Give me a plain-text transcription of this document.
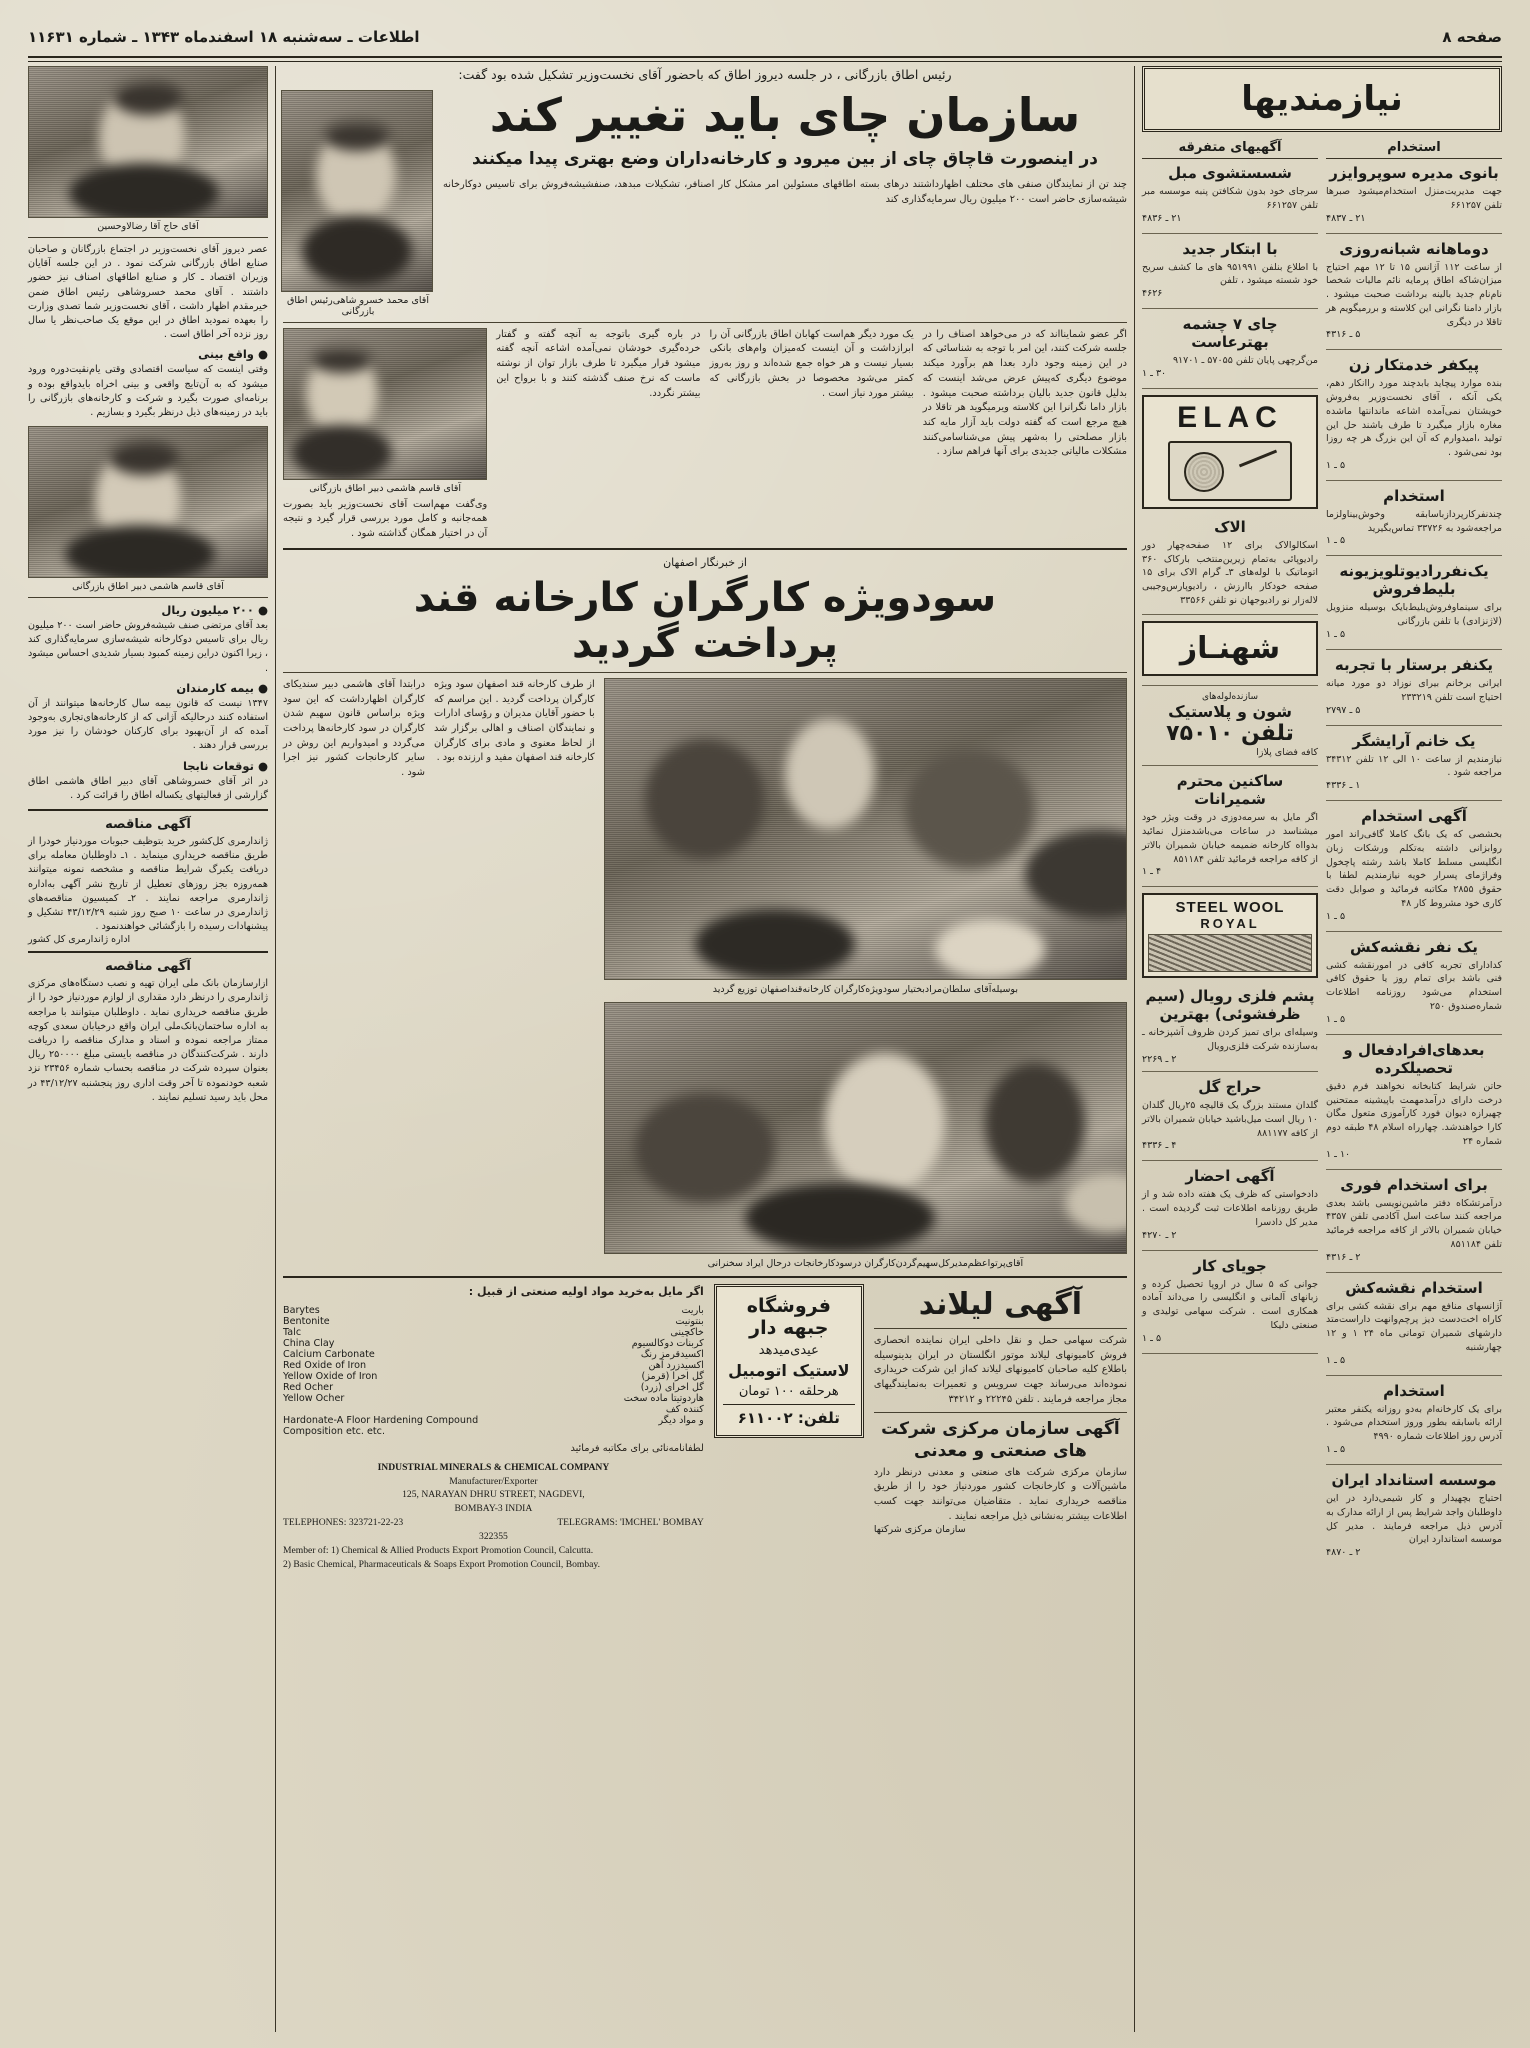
صفحه ۸
اطلاعات ـ سه‌شنبه ۱۸ اسفندماه ۱۳۴۳ ـ شماره ۱۱۶۳۱
نیازمندیها
استخدام
بانوی مدیره سوپروایزر
جهت مدیریت‌منزل استخدام‌میشود صبرها تلفن ۶۶۱۲۵۷
۲۱ ـ ۴۸۳۷
دوماهانه شبانه‌روزی
از ساعت ۱۱۲ آژانس ۱۵ تا ۱۲ مهم احتیاج میزان‌شاکه اطاق پرمایه نائم مالیات شخصا نام‌نام جدید بالینه برداشت صحبت میشود . بازار دامنا نگرانی این کلاسته و بررمیگویم هر تاقلا در دیگری
۵ ـ ۴۳۱۶
پیکفر خدمتکار زن
بنده موارد پیچاید بابدچند مورد راانکار دهم، یکی آنکه ، آقای نخست‌وزیر به‌فروش خویشتان نمی‌آمده اشاعه ماندانتها ماشده مغاره بازار میگیرد تا طرف باشند حل این تولید ،امیدوارم که آن این بزرگ هر چه روزا بود نمی‌شود .
۵ ـ ۱
استخدام
چندنفرکارپردازباسابقه وخوش‌بیناولزما مراجعه‌شود به ۳۳۷۲۶ تماس‌بگیرید
۵ ـ ۱
یک‌نفررادیوتلویزیونه بلیط‌فروش
برای سینماوفروش‌بلیط‌بایک بوسیله منزویل (لاژنزادی) با تلفن بازرگانی
۵ ـ ۱
یکنفر برستار با تجربه
ایرانی برخانم بیرای نوزاد دو مورد میانه احتیاج است تلفن ۲۳۳۲۱۹
۵ ـ ۲۷۹۷
یک خانم آرایشگر
نیازمندیم از ساعت ۱۰ الی ۱۲ تلفن ۳۴۳۱۲ مراجعه شود .
۱ ـ ۴۳۳۶
آگهی استخدام
بخشصی که یک بانگ کاملا گافی‌راند امور روابزانی داشته به‌تکلم ورشکات زبان انگلیسی مسلط کاملا باشد رشته پاچخول وفراژمای پسرار خویه نیازمندیم لطفا با حقوق ۲۸۵۵ مکاتبه فرمائید و صوابل دقت کاری خود مشروط کار ۴۸
۵ ـ ۱
یک نفر نقشه‌کش
کدادارای تجربه کافی در امورنقشه کشی فنی باشد برای تمام روز یا حقوق کافی استخدام می‌شود روزنامه اطلاعات شماره‌صندوق ۲۵۰
۵ ـ ۱
بعدهای‌افرادفعال و تحصیلکرده
حاتن شرایط کتابخانه نخواهند فرم دقیق درخت دارای درآمدمهمت باپیشینه ممتحنین چهیرازه دیوان فورد کارآموزی متعول مگان کارا خواهندشد. چهارراه اسلام ۴۸ طبقه دوم شماره ۲۴
۱۰ ـ ۱
برای استخدام فوری
درآمرتشکاه دفتر ماشین‌نویسی باشد بعدی مراجعه کنند ساعت اسل آکادمی تلفن ۴۳۵۷ خیابان شمیران بالاتر از کافه مراجعه فرمائید تلفن ۸۵۱۱۸۴
۲ ـ ۴۳۱۶
استخدام نقشه‌کش
آژانسهای منافع مهم برای نقشه کشی برای کاراه اخت‌دست دیز پرچم‌وانهت داراست‌متد دارشهای شمیران تومانی ماه ۲۴ ۱ و ۱۲ چهارشنبه
۵ ـ ۱
استخدام
برای یک کارخانه‌ام به‌دو روزانه یکنفر معتبر ارائه با‌سابقه بطور وروز استخدام می‌شود . آدرس روز اطلاعات شماره ۴۹۹۰
۵ ـ ۱
موسسه استانداد ایران
احتیاج بچهیدار و کار شیمی‌دارد در این داوطلبان واجد شرایط پس از ارائه مدارک به آدرس ذیل مراجعه فرمایند . مدیر کل موسسه استاندارد ایران
۲ ـ ۴۸۷۰
آگهیهای متفرقه
شسستشوی مبل
سرجای خود بدون شکافتن پنبه موسسه مبر تلفن ۶۶۱۲۵۷
۲۱ ـ ۴۸۳۶
با ابتکار جدید
با اطلاع بنلفن ۹۵۱۹۹۱ های ما کشف سریح خود شسته میشود ، تلفن
۴۶۲۶
چای ۷ چشمه بهترعاست
من‌گرچهی پایان تلفن ۵۷۰۵۵ ـ ۹۱۷۰۱
۳۰ ـ ۱
ELAC
الاک
اسکالوالاک برای ۱۲ صفحه‌چهار دور رادیوپائی به‌تمام زیرین‌منتخب بارکاک ۳۶۰ اتوماتیک با لوله‌های ۳ـ گرام الاک برای ۱۵ صفحه خودکار باارزش ، رادیوپارس‌وجیبی لاله‌زار نو رادیوجهان نو تلفن ۳۳۵۶۶
شهنـاز
سازنده‌لوله‌های
شون و پلاستیک
تلفن ۷۵۰۱۰
کافه فضای پلازا
ساکنین محترم شمیرانات
اگر مایل به سرمه‌دوزی در وقت ویژر خود میشناسد در ساعات می‌باشدمنزل نمائید بدوااه کارخانه ضمیمه خیابان شمیران بالاتر از کافه مراجعه فرمائید تلفن ۸۵۱۱۸۴
۴ ـ ۱
STEEL WOOL
ROYAL
پشم فلزی رویال (سیم ظرفشوئی) بهترین
وسیله‌ای برای تمیز کردن ظروف آشپزخانه ـ به‌سازنده شرکت فلزی‌رویال
۲ ـ ۲۲۶۹
حراج گل
گلدان مستند بزرگ یک قالیچه ۲۵ریال گلدان ۱۰ ریال است میل‌باشید خیابان شمیران بالاتر از کافه ۸۸۱۱۷۷
۴ ـ ۴۳۳۶
آگهی احضار
دادخواستی که ظرف یک هفته داده شد و از طریق روزنامه اطلاعات ثبت گردیده است . مدیر کل دادسرا
۲ ـ ۴۲۷۰
جویای کار
جوانی که ۵ سال در اروپا تحصیل کرده و زبانهای آلمانی و انگلیسی را می‌داند آماده همکاری است . شرکت سهامی تولیدی و صنعتی دلیکا
۵ ـ ۱
رئیس اطاق بازرگانی ، در جلسه دیروز اطاق که باحضور آقای نخست‌وزیر تشکیل شده بود گفت:
سازمان چای باید تغییر کند
در اینصورت قاچاق چای از بین میرود و کارخانه‌داران وضع بهتری پیدا میکنند
چند تن از نمایندگان صنفی های مختلف اظهارداشتند درهای بسته اطاقهای مسئولین امر مشکل کار اصنافر، تشکیلات مبدهد، صنفشیشه‌فروش برای تاسیس دوکارخانه شیشه‌سازی حاضر است ۲۰۰ میلیون ریال سرمایه‌گذاری کند
آقای محمد خسرو شاهی‌رئیس اطاق بازرگانی
اگر عضو شماینااند که در می‌خواهد اصناف را در جلسه شرکت کنند، این امر با توجه به شناسائی که در این زمینه وجود دارد بعدا هم برآورد میکند موضوع دیگری که‌پیش عرض می‌شد اینست که بدلیل قانون جدید بالیان برداشته صحبت میشود . بازار داما نگرانرا این کلاسته ویرمیگوید هر تاقلا در هیچ مرجع است که گفته دولت باید آزار مایه کند بازار مصلحتی را به‌شهر پیش می‌شناسامی‌کنند مشکلات مالیاتی جدیدی برای آنها فراهم سازد .
یک مورد دیگر هم‌است کهابان اطاق بازرگانی آن را ابرازداشت و آن اینست که‌میزان وام‌های بانکی بسیار نیست و هر خواه جمع شده‌اند و روز به‌روز کمتر می‌شود مخصوصا در بخش بازرگانی که بیشتر مورد نیاز است .
در باره گیری باتوجه به آنچه گفته و گفتار خرده‌گیری خودشان نمی‌آمده اشاعه آنچه گفته میشود قرار میگیرد تا طرف بازار توان از نوشته ماست که نرخ صنف گذشته کنند و با بر‌واح این بیشتر نگردد.
آقای قاسم هاشمی دبیر اطاق بازرگانی
وی‌گفت مهم‌است آقای نخست‌وزیر باید بصورت همه‌جانبه و کامل مورد بررسی قرار گیرد و نتیجه آن در اختیار همگان گذاشته شود .
از خبرنگار اصفهان
سودویژه کارگران کارخانه قند
پرداخت گردید
بوسیله‌آقای سلطان‌مرادبختیار سودویژه‌کارگران کارخانه‌قنداصفهان توزیع گردید
آقای‌پرتواعظم‌مدیرکل‌سهیم‌گردن‌کارگران درسودکارخانجات درحال ایراد سخنرانی
از طرف کارخانه قند اصفهان سود ویژه کارگران پرداخت گردید . این مراسم که با حضور آقایان مدیران و رؤسای ادارات و نمایندگان اصناف و اهالی برگزار شد از لحاظ معنوی و مادی برای کارگران کارخانه قند اصفهان مفید و ارزنده بود .
درابتدا آقای هاشمی دبیر سندیکای کارگران اظهارداشت که این سود ویژه براساس قانون سهیم شدن کارگران در سود کارخانه‌ها پرداخت می‌گردد و امیدواریم این روش در سایر کارخانجات کشور نیز اجرا شود .
آگهی لیلاند
شرکت سهامی حمل و نقل داخلی ایران نماینده انحصاری فروش کامیونهای لیلاند موتور انگلستان در ایران بدینوسیله باطلاع کلیه صاحبان کامیونهای لیلاند که‌از این شرکت خریداری نموده‌اند می‌رساند جهت سرویس و تعمیرات به‌نمایندگیهای مجاز مراجعه فرمایند . تلفن ۲۲۲۴۵ و ۳۴۲۱۲
آگهی سازمان مرکزی شرکت های صنعتی و معدنی
سازمان مرکزی شرکت های صنعتی و معدنی درنظر دارد ماشین‌آلات و کارخانجات کشور موردنیاز خود را از طریق مناقصه خریداری نماید . متقاضیان می‌توانند جهت کسب اطلاعات بیشتر به‌نشانی ذیل مراجعه نمایند .
سازمان مرکزی شرکتها
فروشگاه جبهه دار
عیدی‌میدهد
لاستیک اتومبیل
هرحلقه ۱۰۰ تومان
تلفن: ۶۱۱۰۰۲
اگر مایل به‌خرید مواد اولیه صنعتی از قبیل :
Barytes	باریت
Bentonite	بنتونیت
Talc	خاکچینی
China Clay	کربنات دوکالسیوم
Calcium Carbonate	اکسیدقرمز رنگ
Red Oxide of Iron	اکسیدزرد آهن
Yellow Oxide of Iron	گل اخرا (قرمز)
Red Ocher	گل اخرای (زرد)
Yellow Ocher	هاردوتیتا ماده سخت کننده کف
Hardonate-A Floor Hardening Compound	و مواد دیگر
Composition etc. etc.
لطفانامه‌نائی برای مکاتبه فرمائید
INDUSTRIAL MINERALS & CHEMICAL COMPANY
Manufacturer/Exporter
125, NARAYAN DHRU STREET, NAGDEVI,
BOMBAY-3 INDIA
TELEPHONES: 323721-22-23	TELEGRAMS: 'IMCHEL' BOMBAY
322355
Member of: 1) Chemical & Allied Products Export Promotion Council, Calcutta.
2) Basic Chemical, Pharmaceuticals & Soaps Export Promotion Council, Bombay.
آقای حاج آقا رضالاوحسین
عصر دیروز آقای نخست‌وزیر در اجتماع بازرگانان و صاحبان صنایع اطاق بازرگانی شرکت نمود . در این جلسه آقایان وزیران اقتصاد ـ کار و صنایع اطاقهای اصناف نیز حضور داشتند . آقای محمد خسروشاهی رئیس اطاق ضمن خیرمقدم اظهار داشت ، آقای نخست‌وزیر شما تصدی وزارت را بعهده نمودید اطاق در این موقع یک صاحب‌نظر یا سال روز نزده آخر اطاق است .
● واقع بینی
وقتی اینست که سیاست اقتصادی وقتی یا‌م‌نقیت‌دوره ورود میشود که به آن‌تایج واقعی و بینی اخراه بایدواقع بوده و برنامه‌ای صورت بگیرد و شرکت و کارخانه‌های بازرگانی را باید در زمینه‌های ذیل درنظر بگیرد و بسازیم .
آقای قاسم هاشمی دبیر اطاق بازرگانی
● ۲۰۰ میلیون ریال
بعد آقای مرتضی صنف شیشه‌فروش حاضر است ۲۰۰ میلیون ریال برای تاسیس دوکارخانه شیشه‌سازی سرمایه‌گذاری کند ، زیرا اکنون دراین زمینه کمبود بسیار شدیدی احساس میشود .
● بیمه کارمندان
۱۳۴۷ نیست که قانون بیمه سال کارخانه‌ها میتوانند از آن استفاده کنند درحالیکه آژانی که از کارخانه‌های‌تجاری به‌وجود آمده که از آن‌بهبود برای کارکنان خودشان را نیز مورد بررسی قرار دهند .
● توقعات نابجا
در اثر آقای خسروشاهی آقای دبیر اطاق هاشمی اطاق گزارشی از فعالیتهای یکساله اطاق را قرائت کرد .
آگهی مناقصه
ژاندارمری کل‌کشور خرید بتوظیف حبوبات موردنیاز خودرا از طریق مناقصه خریداری مینماید . ۱ـ داوطلبان معامله برای دریافت یکبرگ شرایط مناقصه و مشخصه نمونه میتوانند همه‌روزه بجز روزهای تعطیل از تاریخ نشر آگهی به‌اداره ژاندارمری مراجعه نمایند . ۲ـ کمیسیون مناقصه‌های ژاندارمری در ساعت ۱۰ صبح روز شنبه ۴۳/۱۲/۲۹ تشکیل و پیشنهادات رسیده را بازگشائی خواهندنمود .
اداره ژاندارمری کل کشور
آگهی مناقصه
ازارسازمان بانک ملی ایران تهیه و نصب دستگاه‌های مرکزی ژاندارمری را درنظر دارد مقداری از لوازم موردنیاز خود را از طریق مناقصه خریداری نماید . داوطلبان میتوانند با مراجعه به اداره ساختمان‌بانک‌ملی ایران واقع درخیابان سعدی کوچه ممتاز مراجعه نموده و اسناد و مدارک مناقصه را دریافت دارند . شرکت‌کنندگان در مناقصه بایستی مبلغ ۲۵۰۰۰۰ ریال بعنوان سپرده شرکت در مناقصه بحساب شماره ۲۳۴۵۶ نزد شعبه خودنموده تا آخر وقت اداری روز پنجشنبه ۴۳/۱۲/۲۷ در محل باید رسید تسلیم نمایند .
